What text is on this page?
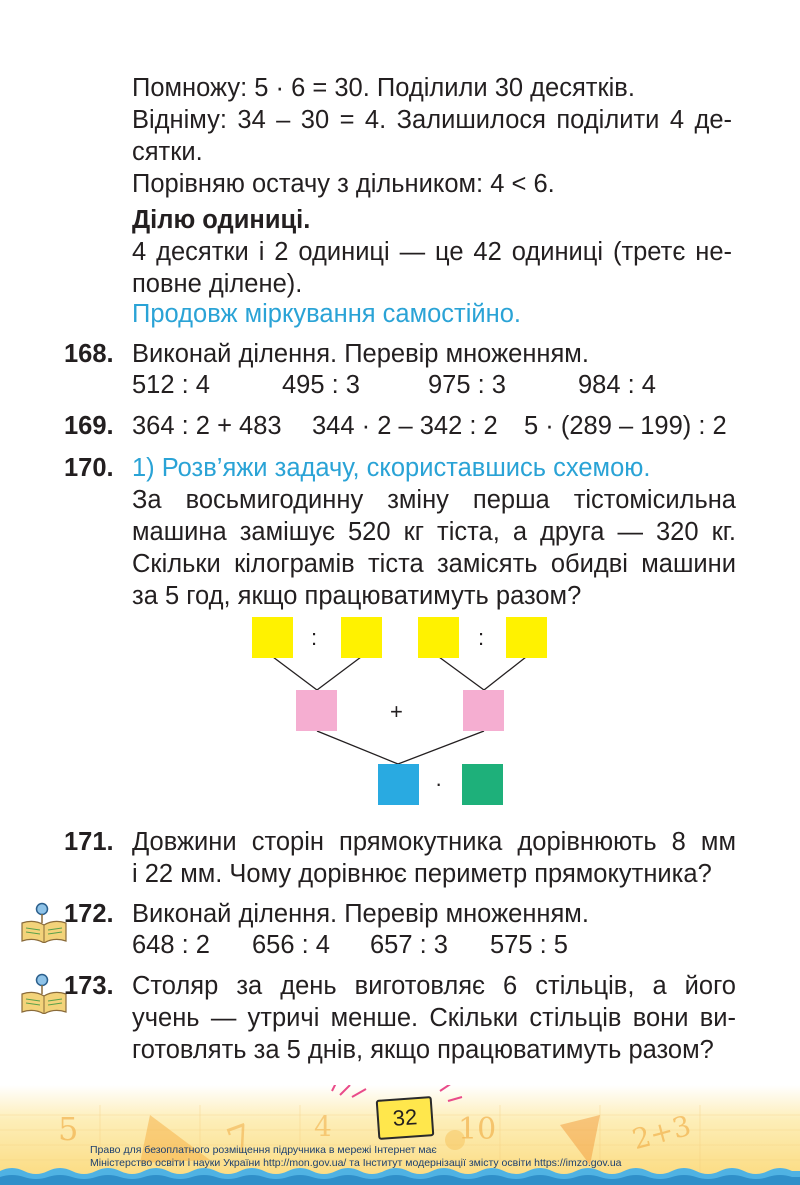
Помножу: 5 · 6 = 30. Поділили 30 десятків.
Відніму: 34 – 30 = 4. Залишилося поділити 4 де-
сятки.
Порівняю остачу з дільником: 4 < 6.
Ділю одиниці.
4 десятки і 2 одиниці — це 42 одиниці (третє не-
повне ділене).
Продовж міркування самостійно.
168. Виконай ділення. Перевір множенням.
512 : 4	495 : 3	975 : 3	984 : 4
169. 364 : 2 + 483 344 · 2 – 342 : 2 5 · (289 – 199) : 2
170. 1) Розв’яжи задачу, скориставшись схемою.
За восьмигодинну зміну перша тістомісильна
машина замішує 520 кг тіста, а друга — 320 кг.
Скільки кілограмів тіста замісять обидві машини
за 5 год, якщо працюватимуть разом?
:	:
+
·
171. Довжини сторін прямокутника дорівнюють 8 мм
і 22 мм. Чому дорівнює периметр прямокутника?
172. Виконай ділення. Перевір множенням.
648 : 2 656 : 4 657 : 3 575 : 5
173. Столяр за день виготовляє 6 стільців, а його
учень — утричі менше. Скільки стільців вони ви-
готовлять за 5 днів, якщо працюватимуть разом?
5	7 4	10	2+3
32
Право для безоплатного розміщення підручника в мережі Інтернет має
Міністерство освіти і науки України http://mon.gov.ua/ та Інститут модернізації змісту освіти https://imzo.gov.ua
